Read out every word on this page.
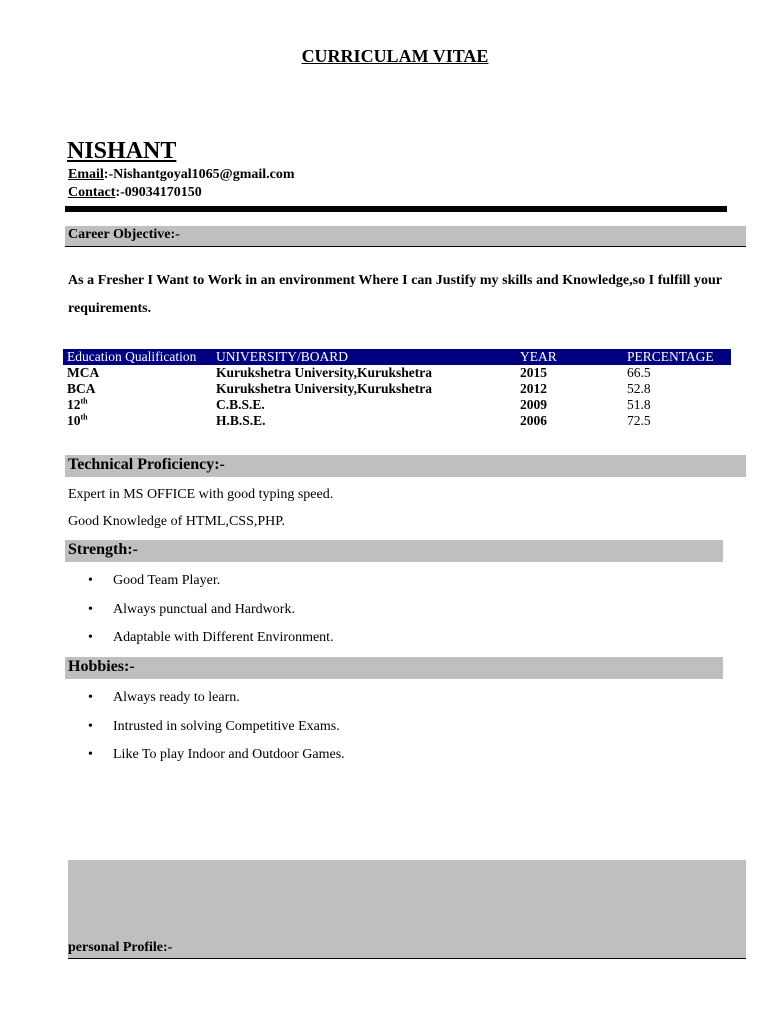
CURRICULAM VITAE
NISHANT
Email:-Nishantgoyal1065@gmail.com
Contact:-09034170150
Career Objective:-
As a Fresher I Want to Work in an environment Where I can Justify my skills and Knowledge,so I fulfill your requirements.
Education Qualification	UNIVERSITY/BOARD	YEAR	PERCENTAGE
MCA	Kurukshetra University,Kurukshetra	2015	66.5
BCA	Kurukshetra University,Kurukshetra	2012	52.8
12th	C.B.S.E.	2009	51.8
10th	H.B.S.E.	2006	72.5
Technical Proficiency:-
Expert in MS OFFICE with good typing speed.
Good Knowledge of HTML,CSS,PHP.
Strength:-
• Good Team Player.
• Always punctual and Hardwork.
• Adaptable with Different Environment.
Hobbies:-
• Always ready to learn.
• Intrusted in solving Competitive Exams.
• Like To play Indoor and Outdoor Games.
personal Profile:-
